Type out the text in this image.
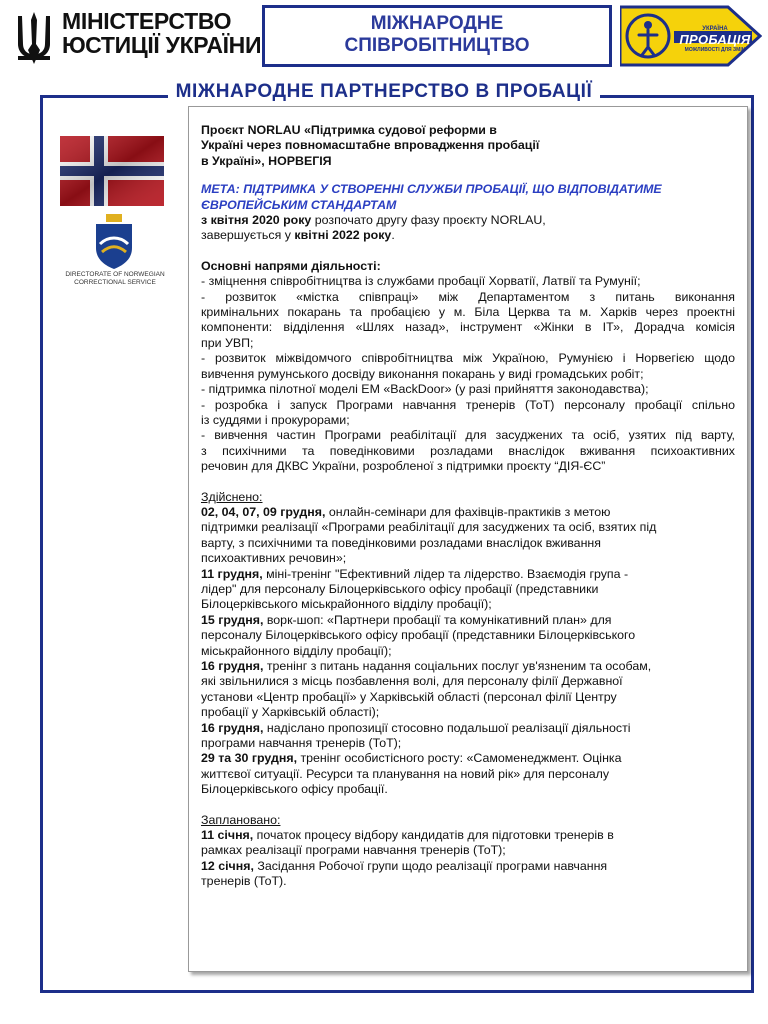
МІНІСТЕРСТВО
ЮСТИЦІЇ УКРАЇНИ
МІЖНАРОДНЕ
СПІВРОБІТНИЦТВО
УКРАЇНА
ПРОБАЦІЯ
МОЖЛИВОСТІ ДЛЯ ЗМІН
МІЖНАРОДНЕ ПАРТНЕРСТВО В ПРОБАЦІЇ
DIRECTORATE OF NORWEGIAN
CORRECTIONAL SERVICE
Проєкт NORLAU «Підтримка судової реформи в
Україні через повномасштабне впровадження пробації
в Україні», НОРВЕГІЯ
МЕТА: ПІДТРИМКА У СТВОРЕННІ СЛУЖБИ ПРОБАЦІЇ, ЩО ВІДПОВІДАТИМЕ
ЄВРОПЕЙСЬКИМ СТАНДАРТАМ
з квітня 2020 року розпочато другу фазу проєкту NORLAU,
завершується у квітні 2022 року.
Основні напрями діяльності:
- зміцнення співробітництва із службами пробації Хорватії, Латвії та Румунії;
- розвиток «містка співпраці» між Департаментом з питань виконання
кримінальних покарань та пробацією у м. Біла Церква та м. Харків через проектні
компоненти: відділення «Шлях назад», інструмент «Жінки в ІТ», Дорадча комісія
при УВП;
- розвиток міжвідомчого співробітництва між Україною, Румунією і Норвегією щодо
вивчення румунського досвіду виконання покарань у виді громадських робіт;
- підтримка пілотної моделі ЕМ «BackDoor» (у разі прийняття законодавства);
- розробка і запуск Програми навчання тренерів (ТоТ) персоналу пробації спільно
із суддями і прокурорами;
- вивчення частин Програми реабілітації для засуджених та осіб, узятих під варту,
з психічними та поведінковими розладами внаслідок вживання психоактивних
речовин для ДКВС України, розробленої з підтримки проєкту “ДІЯ-ЄС”
Здійснено:
02, 04, 07, 09 грудня, онлайн-семінари для фахівців-практиків з метою
підтримки реалізації «Програми реабілітації для засуджених та осіб, взятих під
варту, з психічними та поведінковими розладами внаслідок вживання
психоактивних речовин»;
11 грудня, міні-тренінг "Ефективний лідер та лідерство. Взаємодія група -
лідер" для персоналу Білоцерківського офісу пробації (представники
Білоцерківського міськрайонного відділу пробації);
15 грудня, ворк-шоп: «Партнери пробації та комунікативний план» для
персоналу Білоцерківського офісу пробації (представники Білоцерківського
міськрайонного відділу пробації);
16 грудня, тренінг з питань надання соціальних послуг ув'язненим та особам,
які звільнилися з місць позбавлення волі, для персоналу філії Державної
установи «Центр пробації» у Харківській області (персонал філії Центру
пробації у Харківській області);
16 грудня, надіслано пропозиції стосовно подальшої реалізації діяльності
програми навчання тренерів (ТоТ);
29 та 30 грудня, тренінг особистісного росту: «Самоменеджмент. Оцінка
життєвої ситуації. Ресурси та планування на новий рік» для персоналу
Білоцерківського офісу пробації.
Заплановано:
11 січня, початок процесу відбору кандидатів для підготовки тренерів в
рамках реалізації програми навчання тренерів (ТоТ);
12 січня, Засідання Робочої групи щодо реалізації програми навчання
тренерів (ТоТ).
